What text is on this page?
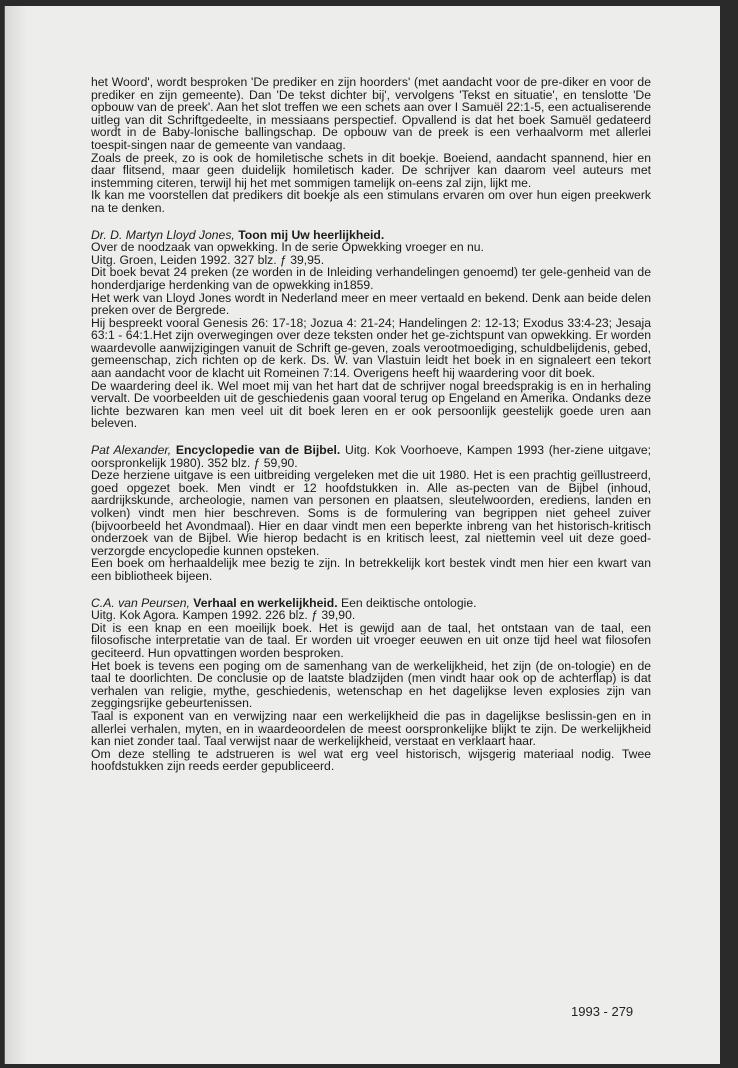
het Woord', wordt besproken 'De prediker en zijn hoorders' (met aandacht voor de pre-diker en voor de prediker en zijn gemeente). Dan 'De tekst dichter bij', vervolgens 'Tekst en situatie', en tenslotte 'De opbouw van de preek'. Aan het slot treffen we een schets aan over I Samuël 22:1-5, een actualiserende uitleg van dit Schriftgedeelte, in messiaans perspectief. Opvallend is dat het boek Samuël gedateerd wordt in de Baby-lonische ballingschap. De opbouw van de preek is een verhaalvorm met allerlei toespit-singen naar de gemeente van vandaag.

Zoals de preek, zo is ook de homiletische schets in dit boekje. Boeiend, aandacht spannend, hier en daar flitsend, maar geen duidelijk homiletisch kader. De schrijver kan daarom veel auteurs met instemming citeren, terwijl hij het met sommigen tamelijk on-eens zal zijn, lijkt me.

Ik kan me voorstellen dat predikers dit boekje als een stimulans ervaren om over hun eigen preekwerk na te denken.

Dr. D. Martyn Lloyd Jones, Toon mij Uw heerlijkheid.

Over de noodzaak van opwekking. In de serie Opwekking vroeger en nu.

Uitg. Groen, Leiden 1992. 327 blz. ƒ 39,95.

Dit boek bevat 24 preken (ze worden in de Inleiding verhandelingen genoemd) ter gele-genheid van de honderdjarige herdenking van de opwekking in1859.

Het werk van Lloyd Jones wordt in Nederland meer en meer vertaald en bekend. Denk aan beide delen preken over de Bergrede.

Hij bespreekt vooral Genesis 26: 17-18; Jozua 4: 21-24; Handelingen 2: 12-13; Exodus 33:4-23; Jesaja 63:1 - 64:1.Het zijn overwegingen over deze teksten onder het ge-zichtspunt van opwekking. Er worden waardevolle aanwijzigingen vanuit de Schrift ge-geven, zoals verootmoediging, schuldbelijdenis, gebed, gemeenschap, zich richten op de kerk. Ds. W. van Vlastuin leidt het boek in en signaleert een tekort aan aandacht voor de klacht uit Romeinen 7:14. Overigens heeft hij waardering voor dit boek.

De waardering deel ik. Wel moet mij van het hart dat de schrijver nogal breedsprakig is en in herhaling vervalt. De voorbeelden uit de geschiedenis gaan vooral terug op Engeland en Amerika. Ondanks deze lichte bezwaren kan men veel uit dit boek leren en er ook persoonlijk geestelijk goede uren aan beleven.

Pat Alexander, Encyclopedie van de Bijbel. Uitg. Kok Voorhoeve, Kampen 1993 (her-ziene uitgave; oorspronkelijk 1980). 352 blz. ƒ 59,90.

Deze herziene uitgave is een uitbreiding vergeleken met die uit 1980. Het is een prachtig geïllustreerd, goed opgezet boek. Men vindt er 12 hoofdstukken in. Alle as-pecten van de Bijbel (inhoud, aardrijkskunde, archeologie, namen van personen en plaatsen, sleutelwoorden, erediens, landen en volken) vindt men hier beschreven. Soms is de formulering van begrippen niet geheel zuiver (bijvoorbeeld het Avondmaal). Hier en daar vindt men een beperkte inbreng van het historisch-kritisch onderzoek van de Bijbel. Wie hierop bedacht is en kritisch leest, zal niettemin veel uit deze goed-verzorgde encyclopedie kunnen opsteken.

Een boek om herhaaldelijk mee bezig te zijn. In betrekkelijk kort bestek vindt men hier een kwart van een bibliotheek bijeen.

C.A. van Peursen, Verhaal en werkelijkheid. Een deiktische ontologie.

Uitg. Kok Agora. Kampen 1992. 226 blz. ƒ 39,90.

Dit is een knap en een moeilijk boek. Het is gewijd aan de taal, het ontstaan van de taal, een filosofische interpretatie van de taal. Er worden uit vroeger eeuwen en uit onze tijd heel wat filosofen geciteerd. Hun opvattingen worden besproken.

Het boek is tevens een poging om de samenhang van de werkelijkheid, het zijn (de on-tologie) en de taal te doorlichten. De conclusie op de laatste bladzijden (men vindt haar ook op de achterflap) is dat verhalen van religie, mythe, geschiedenis, wetenschap en het dagelijkse leven explosies zijn van zeggingsrijke gebeurtenissen.

Taal is exponent van en verwijzing naar een werkelijkheid die pas in dagelijkse beslissin-gen en in allerlei verhalen, myten, en in waardeoordelen de meest oorspronkelijke blijkt te zijn. De werkelijkheid kan niet zonder taal. Taal verwijst naar de werkelijkheid, verstaat en verklaart haar.

Om deze stelling te adstrueren is wel wat erg veel historisch, wijsgerig materiaal nodig. Twee hoofdstukken zijn reeds eerder gepubliceerd.

1993 - 279
